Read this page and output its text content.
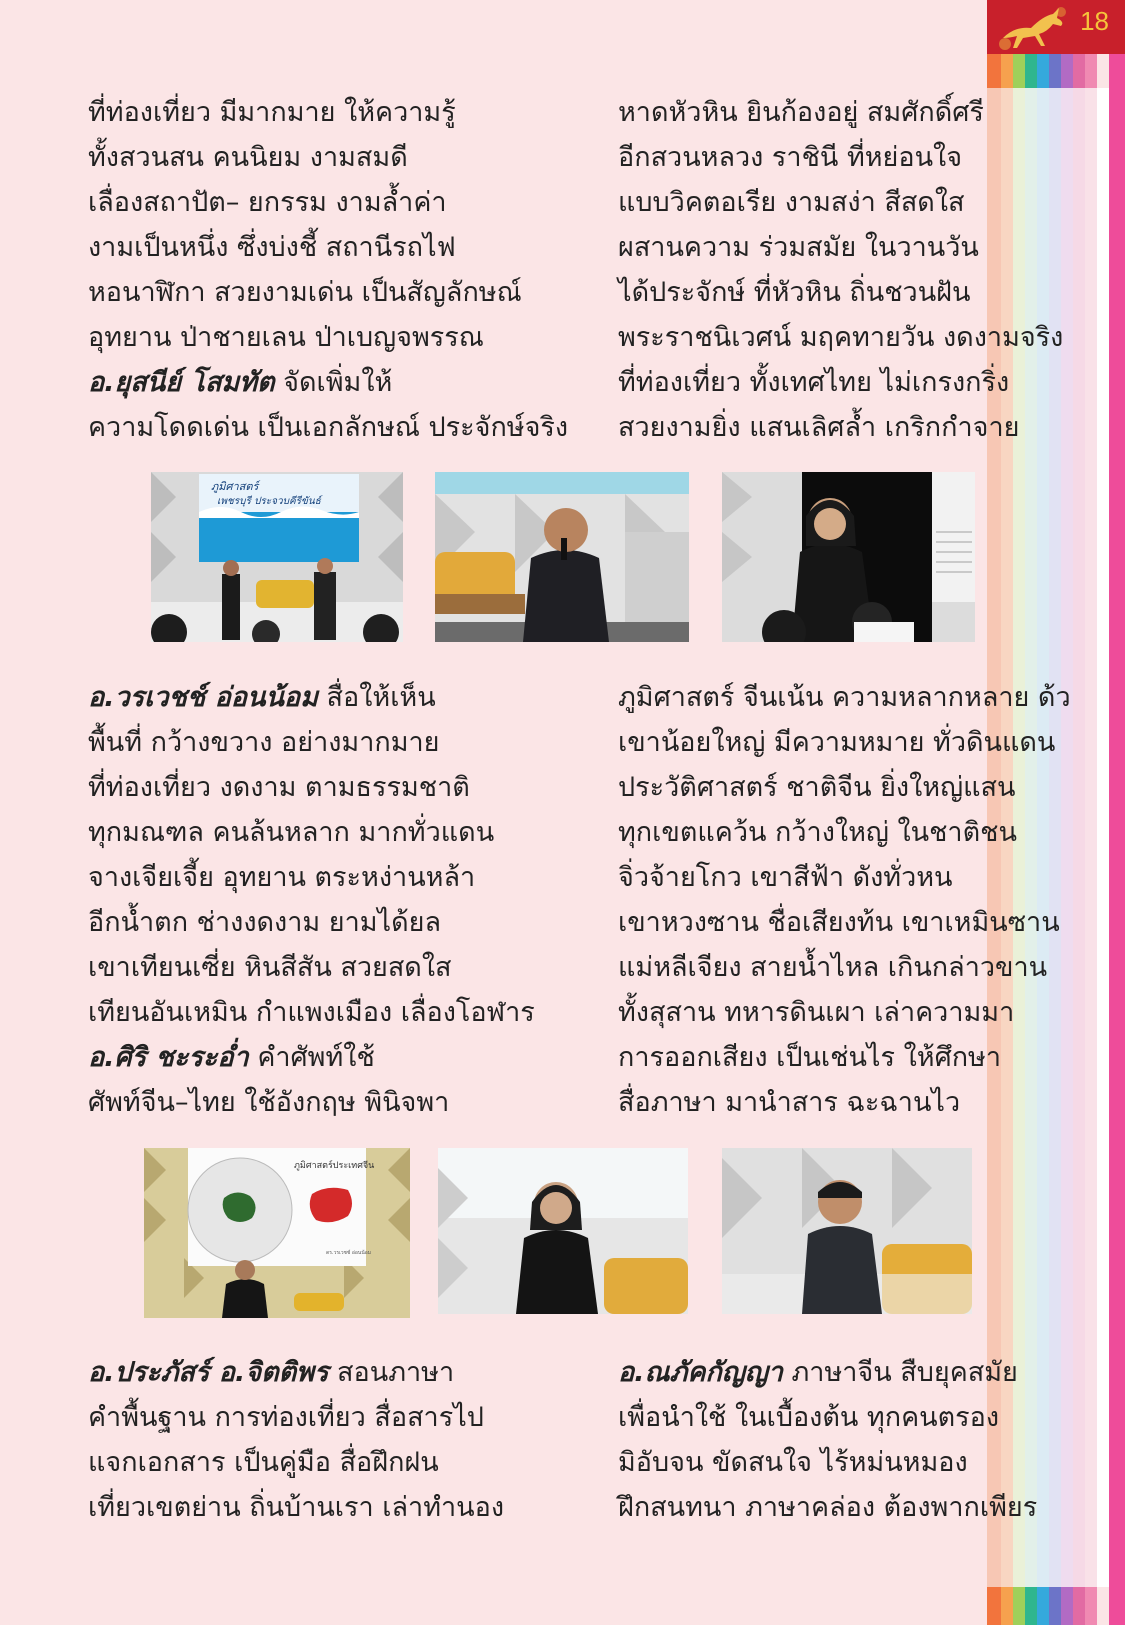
18
ที่ท่องเที่ยว มีมากมาย ให้ความรู้
ทั้งสวนสน คนนิยม งามสมดี
เลื่องสถาปัต– ยกรรม งามล้ำค่า
งามเป็นหนึ่ง ซึ่งบ่งชี้ สถานีรถไฟ
หอนาฬิกา สวยงามเด่น เป็นสัญลักษณ์
อุทยาน ป่าชายเลน ป่าเบญจพรรณ
อ.ยุสนีย์ โสมทัต จัดเพิ่มให้
ความโดดเด่น เป็นเอกลักษณ์ ประจักษ์จริง
หาดหัวหิน ยินก้องอยู่ สมศักดิ์ศรี
อีกสวนหลวง ราชินี ที่หย่อนใจ
แบบวิคตอเรีย งามสง่า สีสดใส
ผสานความ ร่วมสมัย ในวานวัน
ได้ประจักษ์ ที่หัวหิน ถิ่นชวนฝัน
พระราชนิเวศน์ มฤคทายวัน งดงามจริง
ที่ท่องเที่ยว ทั้งเทศไทย ไม่เกรงกริ่ง
สวยงามยิ่ง แสนเลิศล้ำ เกริกกำจาย
ภูมิศาสตร์
เพชรบุรี ประจวบคีรีขันธ์
อ.วรเวชช์ อ่อนน้อม สื่อให้เห็น
พื้นที่ กว้างขวาง อย่างมากมาย
ที่ท่องเที่ยว งดงาม ตามธรรมชาติ
ทุกมณฑล คนล้นหลาก มากทั่วแดน
จางเจียเจี้ย อุทยาน ตระหง่านหล้า
อีกน้ำตก ช่างงดงาม ยามได้ยล
เขาเทียนเซี่ย หินสีสัน สวยสดใส
เทียนอันเหมิน กำแพงเมือง เลื่องโอฬาร
อ.ศิริ ชะระอ่ำ คำศัพท์ใช้
ศัพท์จีน–ไทย ใช้อังกฤษ พินิจพา
ภูมิศาสตร์ จีนเน้น ความหลากหลาย ด้ว
เขาน้อยใหญ่ มีความหมาย ทั่วดินแดน
ประวัติศาสตร์ ชาติจีน ยิ่งใหญ่แสน
ทุกเขตแคว้น กว้างใหญ่ ในชาติชน
จิ่วจ้ายโกว เขาสีฟ้า ดังทั่วหน
เขาหวงซาน ชื่อเสียงท้น เขาเหมินซาน
แม่หลีเจียง สายน้ำไหล เกินกล่าวขาน
ทั้งสุสาน ทหารดินเผา เล่าความมา
การออกเสียง เป็นเช่นไร ให้ศึกษา
สื่อภาษา มานำสาร ฉะฉานไว
ภูมิศาสตร์ประเทศจีน
ดร.วรเวชช์ อ่อนน้อม
อ.ประภัสร์ อ.จิตติพร สอนภาษา
คำพื้นฐาน การท่องเที่ยว สื่อสารไป
แจกเอกสาร เป็นคู่มือ สื่อฝึกฝน
เที่ยวเขตย่าน ถิ่นบ้านเรา เล่าทำนอง
อ.ณภัคกัญญา ภาษาจีน สืบยุคสมัย
เพื่อนำใช้ ในเบื้องต้น ทุกคนตรอง
มิอับจน ขัดสนใจ ไร้หม่นหมอง
ฝึกสนทนา ภาษาคล่อง ต้องพากเพียร
